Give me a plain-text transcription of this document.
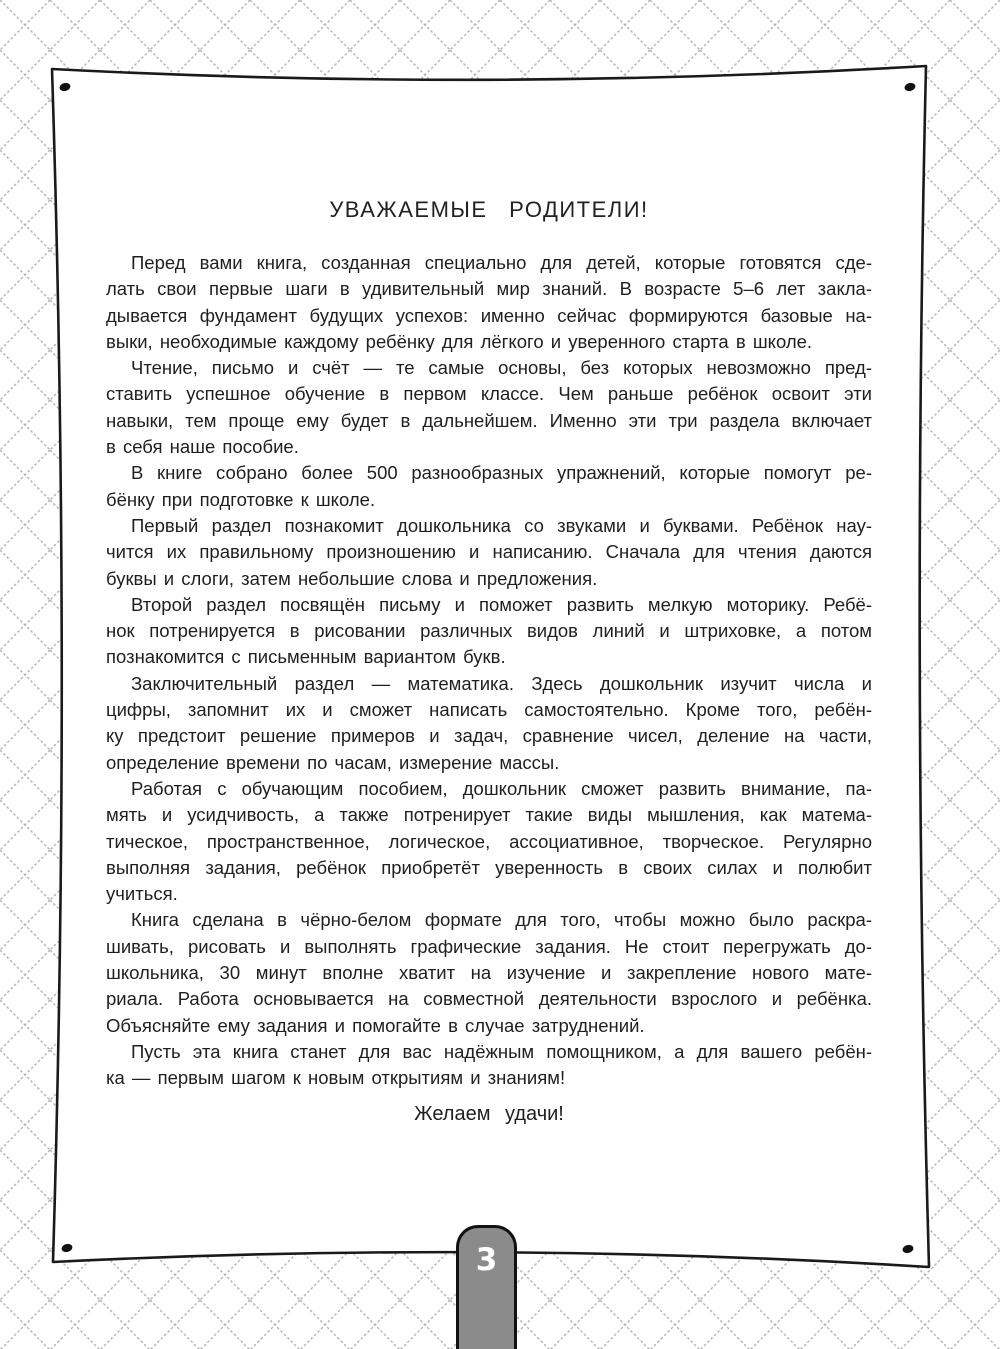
УВАЖАЕМЫЕ РОДИТЕЛИ!
Перед вами книга, созданная специально для детей, которые готовятся сде-
лать свои первые шаги в удивительный мир знаний. В возрасте 5–6 лет закла-
дывается фундамент будущих успехов: именно сейчас формируются базовые на-
выки, необходимые каждому ребёнку для лёгкого и уверенного старта в школе.
Чтение, письмо и счёт — те самые основы, без которых невозможно пред-
ставить успешное обучение в первом классе. Чем раньше ребёнок освоит эти
навыки, тем проще ему будет в дальнейшем. Именно эти три раздела включает
в себя наше пособие.
В книге собрано более 500 разнообразных упражнений, которые помогут ре-
бёнку при подготовке к школе.
Первый раздел познакомит дошкольника со звуками и буквами. Ребёнок нау-
чится их правильному произношению и написанию. Сначала для чтения даются
буквы и слоги, затем небольшие слова и предложения.
Второй раздел посвящён письму и поможет развить мелкую моторику. Ребё-
нок потренируется в рисовании различных видов линий и штриховке, а потом
познакомится с письменным вариантом букв.
Заключительный раздел — математика. Здесь дошкольник изучит числа и
цифры, запомнит их и сможет написать самостоятельно. Кроме того, ребён-
ку предстоит решение примеров и задач, сравнение чисел, деление на части,
определение времени по часам, измерение массы.
Работая с обучающим пособием, дошкольник сможет развить внимание, па-
мять и усидчивость, а также потренирует такие виды мышления, как матема-
тическое, пространственное, логическое, ассоциативное, творческое. Регулярно
выполняя задания, ребёнок приобретёт уверенность в своих силах и полюбит
учиться.
Книга сделана в чёрно-белом формате для того, чтобы можно было раскра-
шивать, рисовать и выполнять графические задания. Не стоит перегружать до-
школьника, 30 минут вполне хватит на изучение и закрепление нового мате-
риала. Работа основывается на совместной деятельности взрослого и ребёнка.
Объясняйте ему задания и помогайте в случае затруднений.
Пусть эта книга станет для вас надёжным помощником, а для вашего ребён-
ка — первым шагом к новым открытиям и знаниям!
Желаем удачи!
3
